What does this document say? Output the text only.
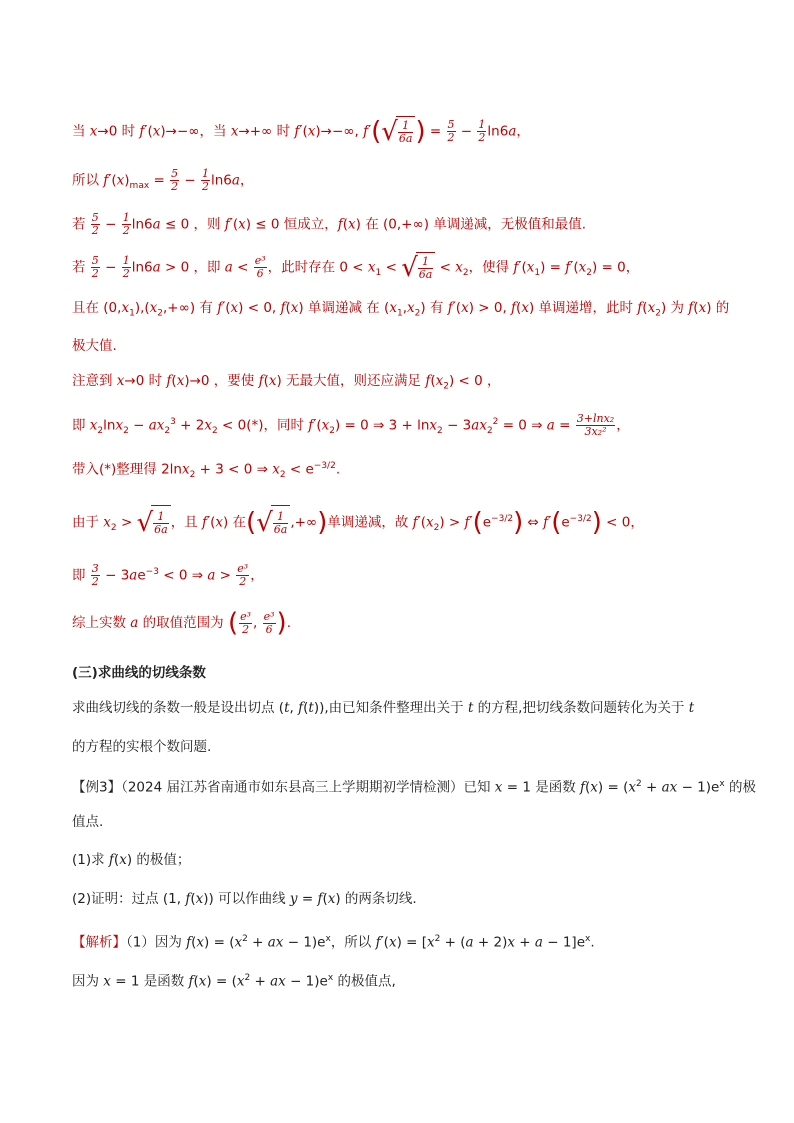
当 x→0 时 f′(x)→−∞，当 x→+∞ 时 f′(x)→−∞, f′( √ $\frac{1}{6a}$ ) = $\frac{5}{2} - \frac{1}{2} \ln 6a$，
所以 $f'(x)_{max} = \frac{5}{2} - \frac{1}{2} \ln 6a$，
若 $\frac{5}{2} - \frac{1}{2} \ln 6a \le 0$ ，则 f′(x) ≤ 0 恒成立，f(x) 在 (0,+∞) 单调递减，无极值和最值.
若 $\frac{5}{2} - \frac{1}{2} \ln 6a > 0$ ，即 $a < \frac{\text{e³}}{6}$ ，此时存在 $0 < x_1$ < √ $\frac{1}{6a} < x_2$，使得 $f'(x_1) = f'(x_2) = 0$，
且在 $(0,x_1),(x_2,+\infty)$ 有 f′(x) < 0, f(x) 单调递减 在 $(x_1,x_2)$ 有 f′(x) > 0, f(x) 单调递增，此时 $f(x_2)$ 为 f(x) 的
极大值.
注意到 x→0 时 f(x)→0 ，要使 f(x) 无最大值，则还应满足 $f(x_2) < 0$ ，
即 $x_2\ln x_2 - ax_2^3 + 2x_2 < 0(*)$，同时 $f'(x_2) = 0$ ⇒ $3 + \ln x_2 - 3ax_2^2 = 0$ ⇒ $a = \frac{\text{3+lnx₂}}{\text{3x₂²}}$ ，
带入(*)整理得 2lnx$_2$ + 3 < 0 ⇒ $x_2 < e^{-3/2}$.
由于 $x_2$ > √ $\frac{1}{6a}$ ，且 f′(x) 在( √ $\frac{1}{6a}$ ,+∞)单调递减，故 $f'(x_2) > f'(e^{-3/2})$ ⇔ $f'(e^{-3/2}) < 0$，
即 $\frac{3}{2} - 3ae^{-3} < 0$ ⇒ $a > \frac{\text{e³}}{2}$ ，
综上实数 a 的取值范围为 ( $\frac{\text{e³}}{2}$ , $\frac{\text{e³}}{6}$ ).
(三)求曲线的切线条数
求曲线切线的条数一般是设出切点 (t, f(t)),由已知条件整理出关于 t 的方程,把切线条数问题转化为关于 t
的方程的实根个数问题.
【例3】（2024 届江苏省南通市如东县高三上学期期初学情检测）已知 x = 1 是函数 $f(x) = (x^2$ + ax − $1)e^x$ 的极
值点.
(1)求 f(x) 的极值；
(2)证明：过点 (1, f(x)) 可以作曲线 y = f(x) 的两条切线.
【解析】（1）因为 $f(x) = (x^2$ + ax − $1)e^x$，所以 $f'(x) = [x^2 + (a + 2)x + a - 1]e^x$.
因为 x = 1 是函数 $f(x) = (x^2$ + ax − $1)e^x$ 的极值点,
